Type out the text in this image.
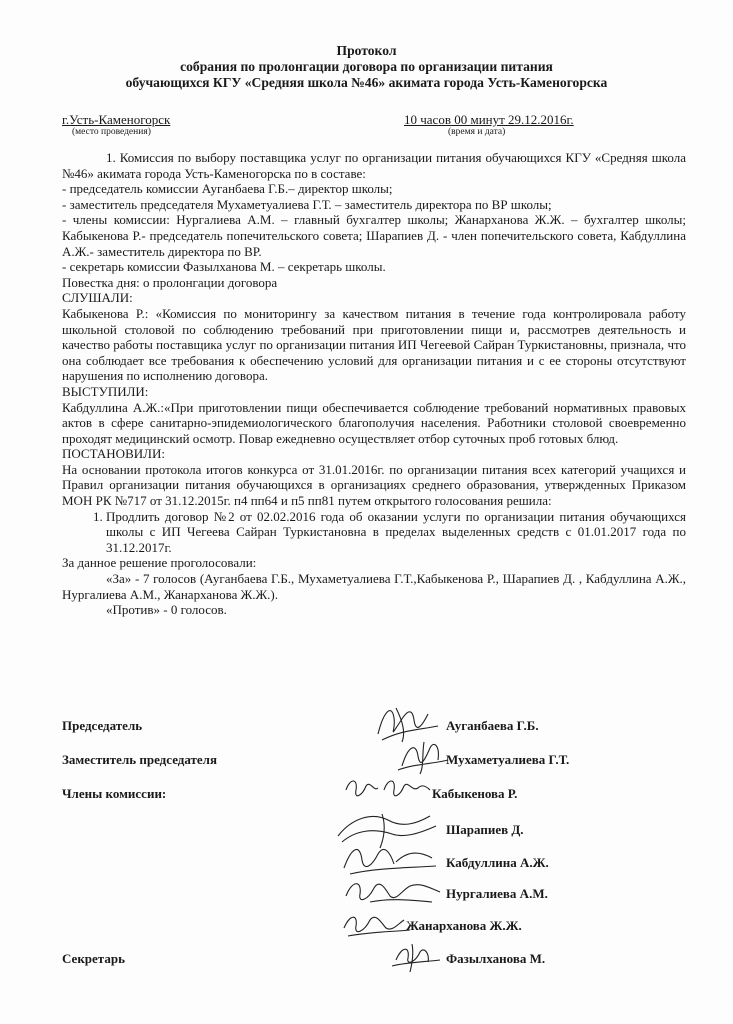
Протокол
собрания по пролонгации договора по организации питания
обучающихся КГУ «Средняя школа №46» акимата города Усть-Каменогорска
г.Усть-Каменогорск
(место проведения)
10 часов 00 минут 29.12.2016г.
(время и дата)

1. Комиссия по выбору поставщика услуг по организации питания обучающихся КГУ «Средняя школа №46» акимата города Усть-Каменогорска по в составе:

- председатель комиссии Ауганбаева Г.Б.– директор школы;

- заместитель председателя Мухаметуалиева Г.Т. – заместитель директора по ВР школы;

- члены комиссии: Нургалиева А.М. – главный бухгалтер школы; Жанарханова Ж.Ж. – бухгалтер школы; Кабыкенова Р.- председатель попечительского совета; Шарапиев Д. - член попечительского совета, Кабдуллина А.Ж.- заместитель директора по ВР.

- секретарь комиссии Фазылханова М. – секретарь школы.

Повестка дня: о пролонгации договора

СЛУШАЛИ:

Кабыкенова Р.: «Комиссия по мониторингу за качеством питания в течение года контролировала работу школьной столовой по соблюдению требований при приготовлении пищи и, рассмотрев деятельность и качество работы поставщика услуг по организации питания ИП Чегеевой Сайран Туркистановны, признала, что она соблюдает все требования к обеспечению условий для организации питания и с ее стороны отсутствуют нарушения по исполнению договора.

ВЫСТУПИЛИ:

Кабдуллина А.Ж.:«При приготовлении пищи обеспечивается соблюдение требований нормативных правовых актов в сфере санитарно-эпидемиологического благополучия населения. Работники столовой своевременно проходят медицинский осмотр. Повар ежедневно осуществляет отбор суточных проб готовых блюд.

ПОСТАНОВИЛИ:

На основании протокола итогов конкурса от 31.01.2016г. по организации питания всех категорий учащихся и Правил организации питания обучающихся в организациях среднего образования, утвержденных Приказом МОН РК №717 от 31.12.2015г. п4 пп64 и п5 пп81 путем открытого голосования решила:

1. Продлить договор №2 от 02.02.2016 года об оказании услуги по организации питания обучающихся школы с ИП Чегеева Сайран Туркистановна в пределах выделенных средств с 01.01.2017 года по 31.12.2017г.

За данное решение проголосовали:

«За» - 7 голосов (Ауганбаева Г.Б., Мухаметуалиева Г.Т.,Кабыкенова Р., Шарапиев Д. , Кабдуллина А.Ж., Нургалиева А.М., Жанарханова Ж.Ж.).

«Против» - 0 голосов.

Председатель	Ауганбаева Г.Б.
Заместитель председателя	Мухаметуалиева Г.Т.
Члены комиссии:	Кабыкенова Р.
Шарапиев Д.
Кабдуллина А.Ж.
Нургалиева А.М.
Жанарханова Ж.Ж.
Секретарь	Фазылханова М.
